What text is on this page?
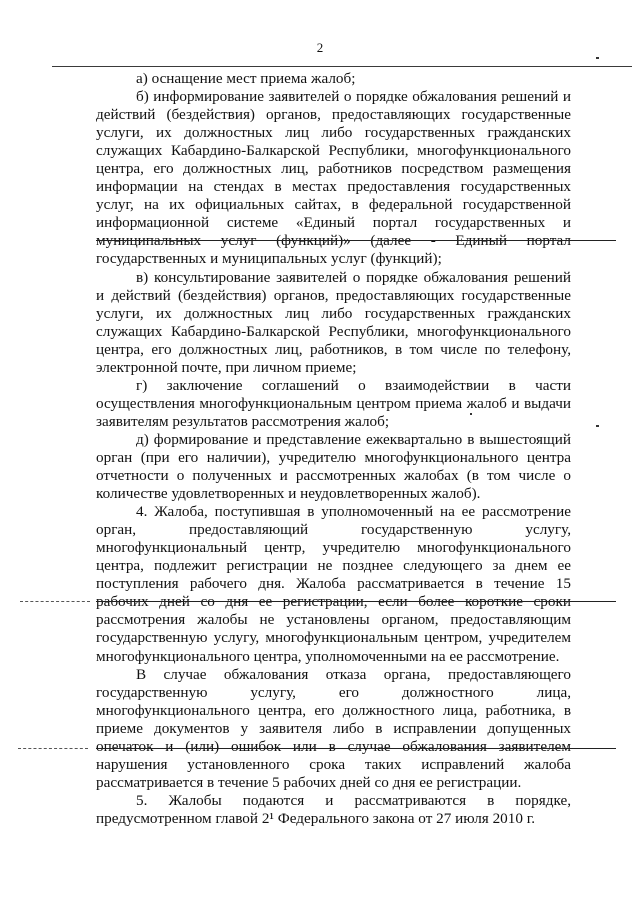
2

а) оснащение мест приема жалоб;

б) информирование заявителей о порядке обжалования решений и действий (бездействия) органов, предоставляющих государственные услуги, их должностных лиц либо государственных гражданских служащих Кабардино-Балкарской Республики, многофункционального центра, его должностных лиц, работников посредством размещения информации на стендах в местах предоставления государственных услуг, на их официальных сайтах, в федеральной государственной информационной системе «Единый портал государственных и муниципальных услуг (функций)» (далее - Единый портал государственных и муниципальных услуг (функций);

в) консультирование заявителей о порядке обжалования решений и действий (бездействия) органов, предоставляющих государственные услуги, их должностных лиц либо государственных гражданских служащих Кабардино-Балкарской Республики, многофункционального центра, его должностных лиц, работников, в том числе по телефону, электронной почте, при личном приеме;

г) заключение соглашений о взаимодействии в части осуществления многофункциональным центром приема жалоб и выдачи заявителям результатов рассмотрения жалоб;

д) формирование и представление ежеквартально в вышестоящий орган (при его наличии), учредителю многофункционального центра отчетности о полученных и рассмотренных жалобах (в том числе о количестве удовлетворенных и неудовлетворенных жалоб).

4. Жалоба, поступившая в уполномоченный на ее рассмотрение орган, предоставляющий государственную услугу, многофункциональный центр, учредителю многофункционального центра, подлежит регистрации не позднее следующего за днем ее поступления рабочего дня. Жалоба рассматривается в течение 15 рабочих дней со дня ее регистрации, если более короткие сроки рассмотрения жалобы не установлены органом, предоставляющим государственную услугу, многофункциональным центром, учредителем многофункционального центра, уполномоченными на ее рассмотрение.

В случае обжалования отказа органа, предоставляющего государственную услугу, его должностного лица, многофункционального центра, его должностного лица, работника, в приеме документов у заявителя либо в исправлении допущенных опечаток и (или) ошибок или в случае обжалования заявителем нарушения установленного срока таких исправлений жалоба рассматривается в течение 5 рабочих дней со дня ее регистрации.

5. Жалобы подаются и рассматриваются в порядке, предусмотренном главой 2¹ Федерального закона от 27 июля 2010 г.
